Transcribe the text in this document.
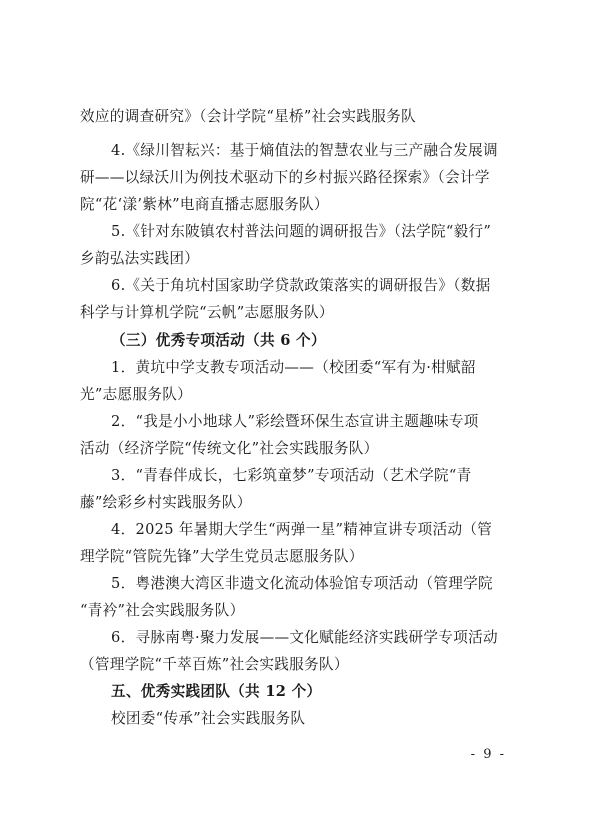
效应的调查研究》（会计学院“星桥”社会实践服务队
4.《绿川智耘兴：基于熵值法的智慧农业与三产融合发展调
研——以绿沃川为例技术驱动下的乡村振兴路径探索》（会计学
院“花‘漾’紫林”电商直播志愿服务队）
5.《针对东陂镇农村普法问题的调研报告》（法学院“毅行”
乡韵弘法实践团）
6.《关于角坑村国家助学贷款政策落实的调研报告》（数据
科学与计算机学院“云帆”志愿服务队）
（三）优秀专项活动（共 6 个）
1．黄坑中学支教专项活动——（校团委“军有为·柑赋韶
光”志愿服务队）
2．“我是小小地球人”彩绘暨环保生态宣讲主题趣味专项
活动（经济学院“传统文化”社会实践服务队）
3．“青春伴成长，七彩筑童梦”专项活动（艺术学院“青
藤”绘彩乡村实践服务队）
4．2025 年暑期大学生“两弹一星”精神宣讲专项活动（管
理学院“管院先锋”大学生党员志愿服务队）
5．粤港澳大湾区非遗文化流动体验馆专项活动（管理学院
“青衿”社会实践服务队）
6．寻脉南粤·聚力发展——文化赋能经济实践研学专项活动
（管理学院“千萃百炼”社会实践服务队）
五、优秀实践团队（共 12 个）
校团委“传承”社会实践服务队
- 9 -
